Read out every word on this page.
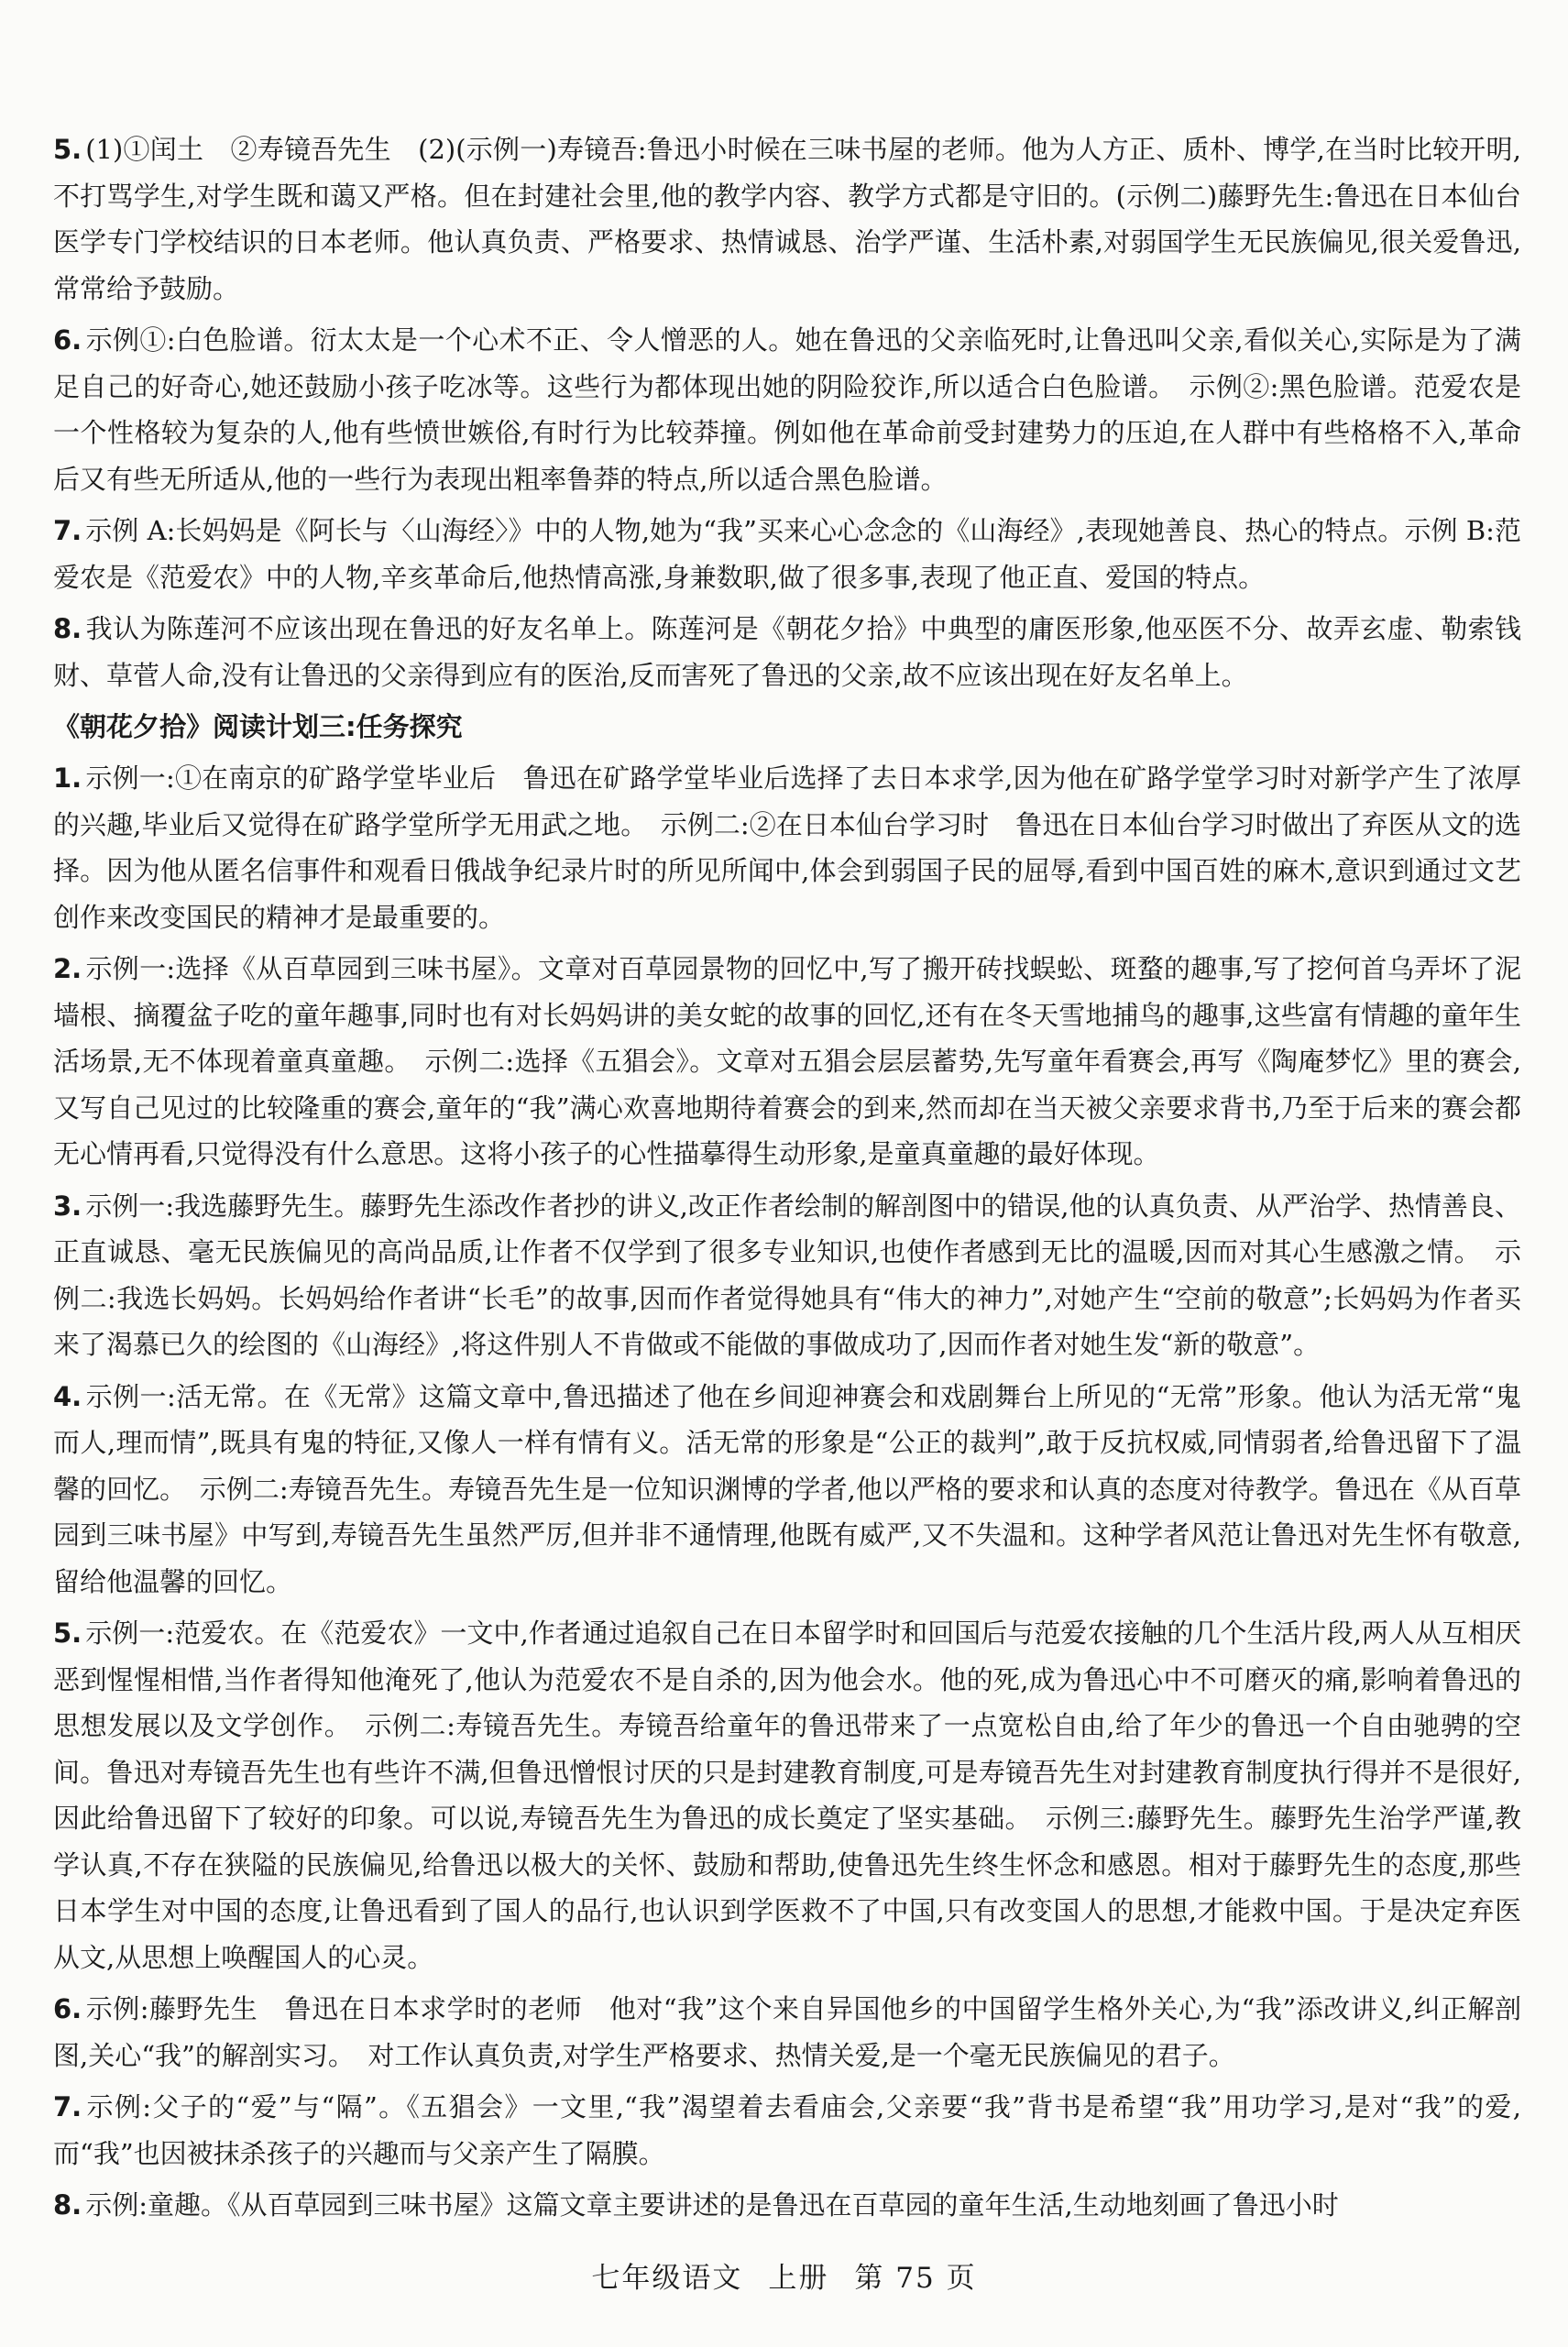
5. (1)①闰土　②寿镜吾先生　(2)(示例一)寿镜吾:鲁迅小时候在三味书屋的老师。他为人方正、质朴、博学,在当时比较开明,不打骂学生,对学生既和蔼又严格。但在封建社会里,他的教学内容、教学方式都是守旧的。(示例二)藤野先生:鲁迅在日本仙台医学专门学校结识的日本老师。他认真负责、严格要求、热情诚恳、治学严谨、生活朴素,对弱国学生无民族偏见,很关爱鲁迅,常常给予鼓励。

6. 示例①:白色脸谱。衍太太是一个心术不正、令人憎恶的人。她在鲁迅的父亲临死时,让鲁迅叫父亲,看似关心,实际是为了满足自己的好奇心,她还鼓励小孩子吃冰等。这些行为都体现出她的阴险狡诈,所以适合白色脸谱。　示例②:黑色脸谱。范爱农是一个性格较为复杂的人,他有些愤世嫉俗,有时行为比较莽撞。例如他在革命前受封建势力的压迫,在人群中有些格格不入,革命后又有些无所适从,他的一些行为表现出粗率鲁莽的特点,所以适合黑色脸谱。

7. 示例 A:长妈妈是《阿长与〈山海经〉》中的人物,她为“我”买来心心念念的《山海经》,表现她善良、热心的特点。示例 B:范爱农是《范爱农》中的人物,辛亥革命后,他热情高涨,身兼数职,做了很多事,表现了他正直、爱国的特点。

8. 我认为陈莲河不应该出现在鲁迅的好友名单上。陈莲河是《朝花夕拾》中典型的庸医形象,他巫医不分、故弄玄虚、勒索钱财、草菅人命,没有让鲁迅的父亲得到应有的医治,反而害死了鲁迅的父亲,故不应该出现在好友名单上。

《朝花夕拾》阅读计划三:任务探究

1. 示例一:①在南京的矿路学堂毕业后　鲁迅在矿路学堂毕业后选择了去日本求学,因为他在矿路学堂学习时对新学产生了浓厚的兴趣,毕业后又觉得在矿路学堂所学无用武之地。　示例二:②在日本仙台学习时　鲁迅在日本仙台学习时做出了弃医从文的选择。因为他从匿名信事件和观看日俄战争纪录片时的所见所闻中,体会到弱国子民的屈辱,看到中国百姓的麻木,意识到通过文艺创作来改变国民的精神才是最重要的。

2. 示例一:选择《从百草园到三味书屋》。文章对百草园景物的回忆中,写了搬开砖找蜈蚣、斑蝥的趣事,写了挖何首乌弄坏了泥墙根、摘覆盆子吃的童年趣事,同时也有对长妈妈讲的美女蛇的故事的回忆,还有在冬天雪地捕鸟的趣事,这些富有情趣的童年生活场景,无不体现着童真童趣。　示例二:选择《五猖会》。文章对五猖会层层蓄势,先写童年看赛会,再写《陶庵梦忆》里的赛会,又写自己见过的比较隆重的赛会,童年的“我”满心欢喜地期待着赛会的到来,然而却在当天被父亲要求背书,乃至于后来的赛会都无心情再看,只觉得没有什么意思。这将小孩子的心性描摹得生动形象,是童真童趣的最好体现。

3. 示例一:我选藤野先生。藤野先生添改作者抄的讲义,改正作者绘制的解剖图中的错误,他的认真负责、从严治学、热情善良、正直诚恳、毫无民族偏见的高尚品质,让作者不仅学到了很多专业知识,也使作者感到无比的温暖,因而对其心生感激之情。　示例二:我选长妈妈。长妈妈给作者讲“长毛”的故事,因而作者觉得她具有“伟大的神力”,对她产生“空前的敬意”;长妈妈为作者买来了渴慕已久的绘图的《山海经》,将这件别人不肯做或不能做的事做成功了,因而作者对她生发“新的敬意”。

4. 示例一:活无常。在《无常》这篇文章中,鲁迅描述了他在乡间迎神赛会和戏剧舞台上所见的“无常”形象。他认为活无常“鬼而人,理而情”,既具有鬼的特征,又像人一样有情有义。活无常的形象是“公正的裁判”,敢于反抗权威,同情弱者,给鲁迅留下了温馨的回忆。　示例二:寿镜吾先生。寿镜吾先生是一位知识渊博的学者,他以严格的要求和认真的态度对待教学。鲁迅在《从百草园到三味书屋》中写到,寿镜吾先生虽然严厉,但并非不通情理,他既有威严,又不失温和。这种学者风范让鲁迅对先生怀有敬意,留给他温馨的回忆。

5. 示例一:范爱农。在《范爱农》一文中,作者通过追叙自己在日本留学时和回国后与范爱农接触的几个生活片段,两人从互相厌恶到惺惺相惜,当作者得知他淹死了,他认为范爱农不是自杀的,因为他会水。他的死,成为鲁迅心中不可磨灭的痛,影响着鲁迅的思想发展以及文学创作。　示例二:寿镜吾先生。寿镜吾给童年的鲁迅带来了一点宽松自由,给了年少的鲁迅一个自由驰骋的空间。鲁迅对寿镜吾先生也有些许不满,但鲁迅憎恨讨厌的只是封建教育制度,可是寿镜吾先生对封建教育制度执行得并不是很好,因此给鲁迅留下了较好的印象。可以说,寿镜吾先生为鲁迅的成长奠定了坚实基础。　示例三:藤野先生。藤野先生治学严谨,教学认真,不存在狭隘的民族偏见,给鲁迅以极大的关怀、鼓励和帮助,使鲁迅先生终生怀念和感恩。相对于藤野先生的态度,那些日本学生对中国的态度,让鲁迅看到了国人的品行,也认识到学医救不了中国,只有改变国人的思想,才能救中国。于是决定弃医从文,从思想上唤醒国人的心灵。

6. 示例:藤野先生　鲁迅在日本求学时的老师　他对“我”这个来自异国他乡的中国留学生格外关心,为“我”添改讲义,纠正解剖图,关心“我”的解剖实习。　对工作认真负责,对学生严格要求、热情关爱,是一个毫无民族偏见的君子。

7. 示例:父子的“爱”与“隔”。《五猖会》一文里,“我”渴望着去看庙会,父亲要“我”背书是希望“我”用功学习,是对“我”的爱,而“我”也因被抹杀孩子的兴趣而与父亲产生了隔膜。

8. 示例:童趣。《从百草园到三味书屋》这篇文章主要讲述的是鲁迅在百草园的童年生活,生动地刻画了鲁迅小时

七年级语文 上册 第 75 页
